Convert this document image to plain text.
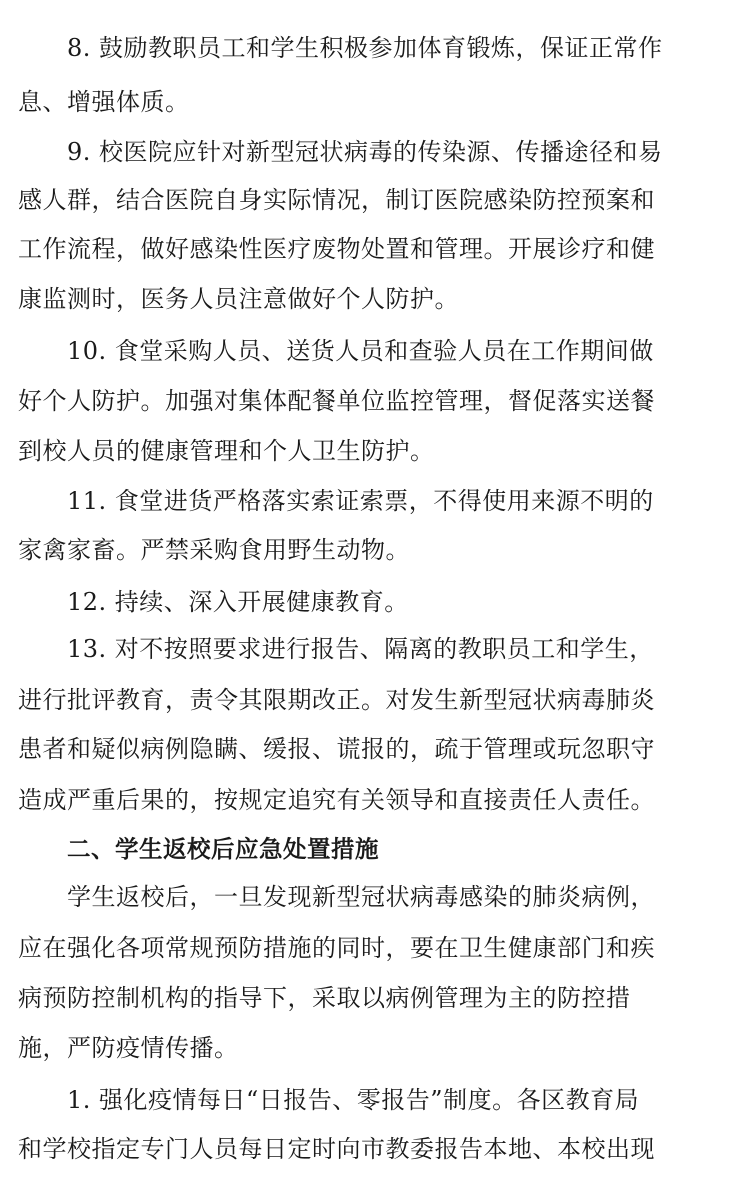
8. 鼓励教职员工和学生积极参加体育锻炼，保证正常作
息、增强体质。
9. 校医院应针对新型冠状病毒的传染源、传播途径和易
感人群，结合医院自身实际情况，制订医院感染防控预案和
工作流程，做好感染性医疗废物处置和管理。开展诊疗和健
康监测时，医务人员注意做好个人防护。
10. 食堂采购人员、送货人员和查验人员在工作期间做
好个人防护。加强对集体配餐单位监控管理，督促落实送餐
到校人员的健康管理和个人卫生防护。
11. 食堂进货严格落实索证索票，不得使用来源不明的
家禽家畜。严禁采购食用野生动物。
12. 持续、深入开展健康教育。
13. 对不按照要求进行报告、隔离的教职员工和学生，
进行批评教育，责令其限期改正。对发生新型冠状病毒肺炎
患者和疑似病例隐瞒、缓报、谎报的，疏于管理或玩忽职守
造成严重后果的，按规定追究有关领导和直接责任人责任。
二、学生返校后应急处置措施
学生返校后，一旦发现新型冠状病毒感染的肺炎病例，
应在强化各项常规预防措施的同时，要在卫生健康部门和疾
病预防控制机构的指导下，采取以病例管理为主的防控措
施，严防疫情传播。
1. 强化疫情每日“日报告、零报告”制度。各区教育局
和学校指定专门人员每日定时向市教委报告本地、本校出现
